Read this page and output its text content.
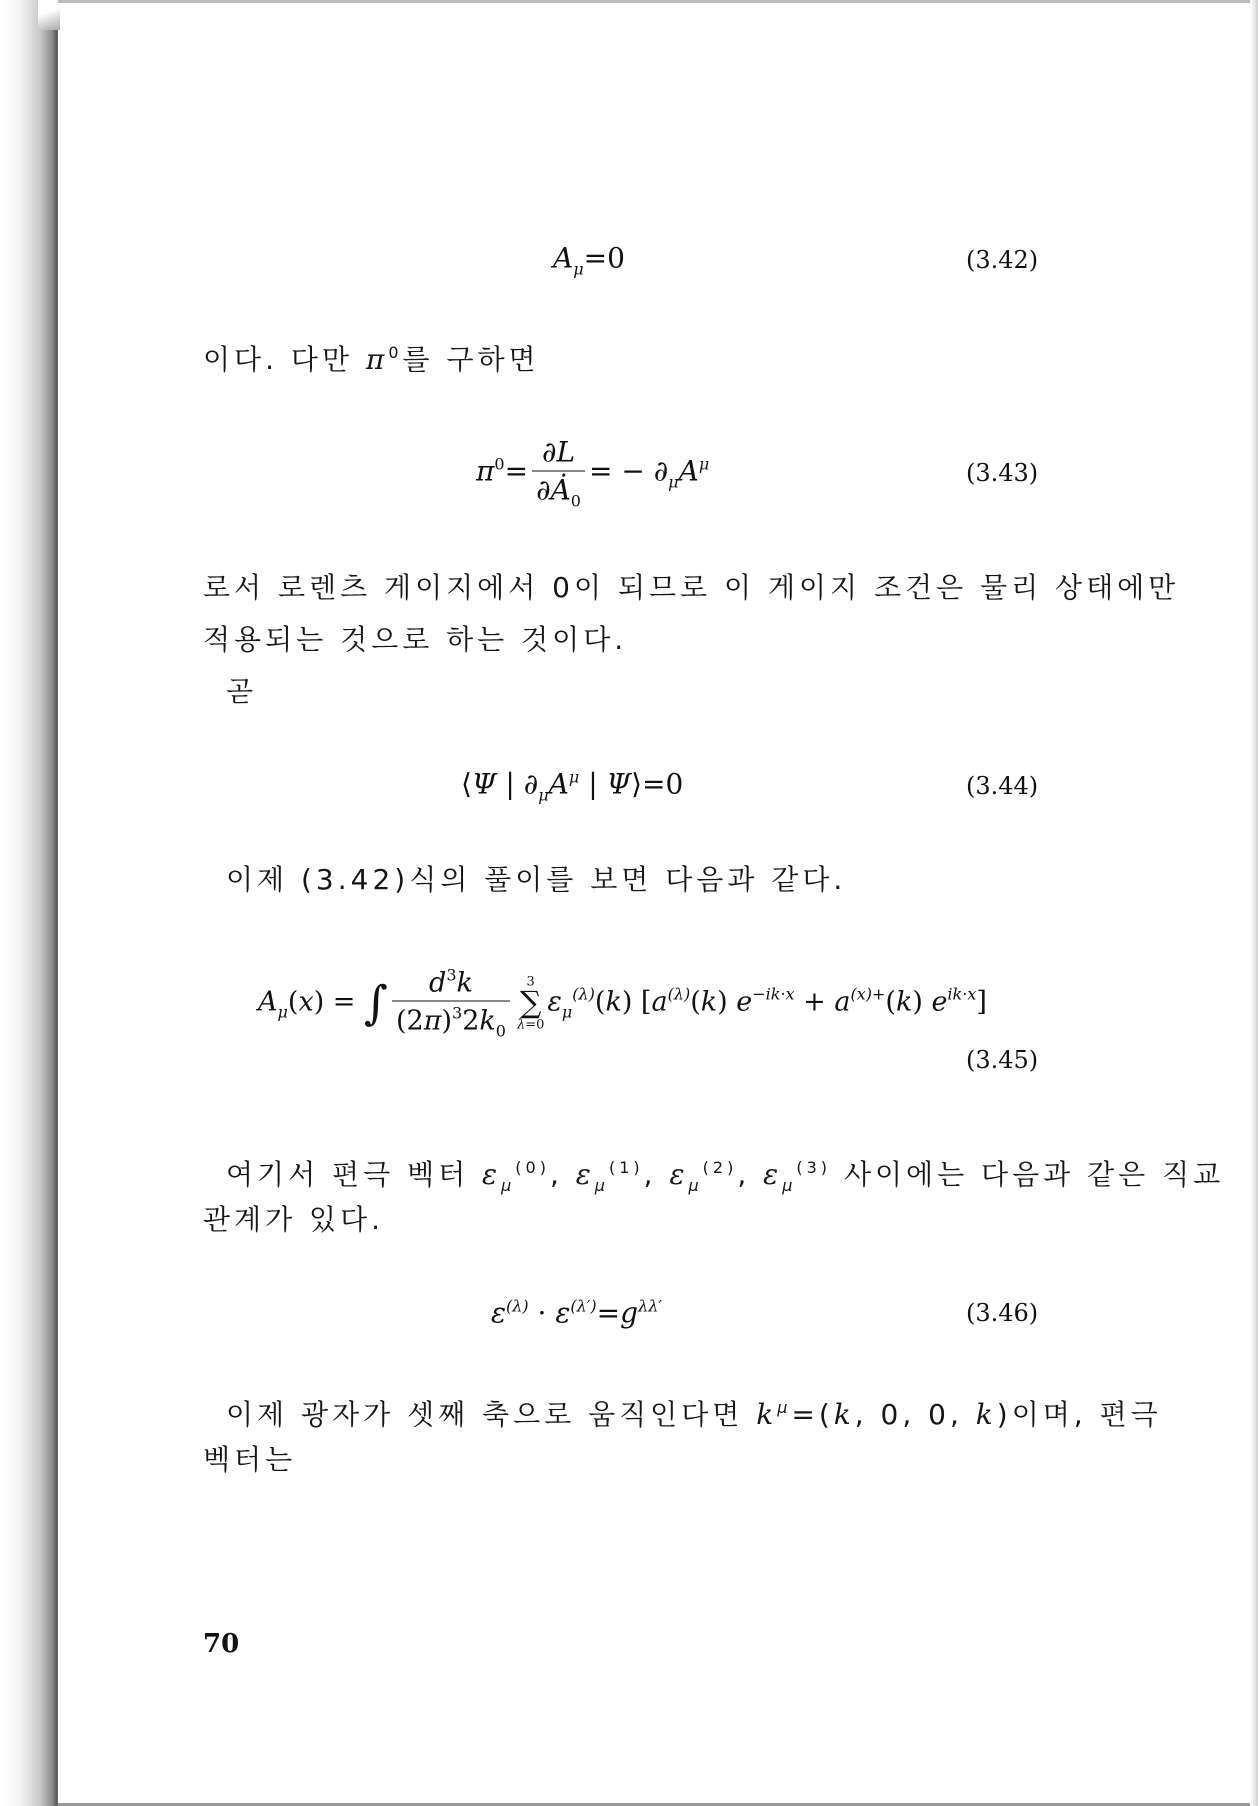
$A_\mu=0$	(3.42)
이다. 다만 $\pi^0$를 구하면
$\pi^0= \frac{\partial L}{\partial Ȧ_0}$ = − $\partial_\mu A^\mu$	(3.43)
로서 로렌츠 게이지에서 0이 되므로 이 게이지 조건은 물리 상태에만
적용되는 것으로 하는 것이다.
곧
⟨Ψ | $\partial_\mu A^\mu$ | Ψ⟩=0	(3.44)
이제 (3.42)식의 풀이를 보면 다음과 같다.
$A_\mu(x)$ = ∫ $\frac{d^3k}{(2\pi)^32k_0} 3$
∑
$\lambda=0\varepsilon_\mu^{(\lambda)}(k)$ [$a^{(\lambda)}(k) e^{-ik\cdot x} + a^{(x)+}(k)$ $e^{ik\cdot x}$]
(3.45)
여기서 편극 벡터 $\varepsilon_\mu^{(0)}$, $\varepsilon_\mu^{(1)}$, $\varepsilon_\mu^{(2)}$, $\varepsilon_\mu^{(3)}$ 사이에는 다음과 같은 직교
관계가 있다.
$\varepsilon^{(\lambda)} \cdot \varepsilon^{(\lambda')}=g^{\lambda\lambda'}$	(3.46)
이제 광자가 셋째 축으로 움직인다면 $k^\mu=(k$, 0, 0, k)이며, 편극
벡터는
70
